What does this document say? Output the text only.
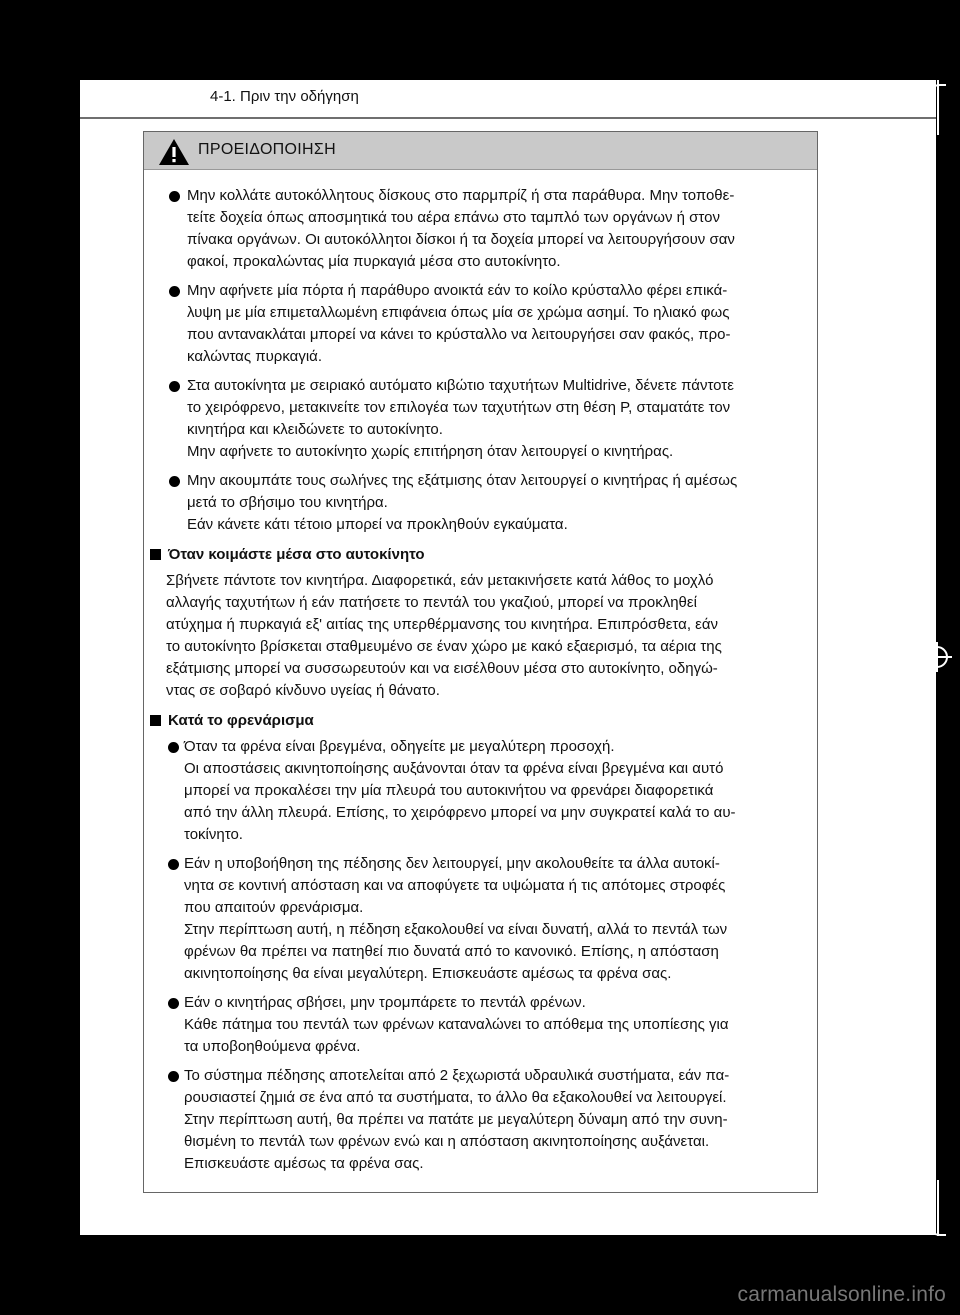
4-1. Πριν την οδήγηση
ΠΡΟΕΙΔΟΠΟΙΗΣΗ

Μην κολλάτε αυτοκόλλητους δίσκους στο παρμπρίζ ή στα παράθυρα. Μην τοποθε-

τείτε δοχεία όπως αποσμητικά του αέρα επάνω στο ταμπλό των οργάνων ή στον

πίνακα οργάνων. Οι αυτοκόλλητοι δίσκοι ή τα δοχεία μπορεί να λειτουργήσουν σαν

φακοί, προκαλώντας μία πυρκαγιά μέσα στο αυτοκίνητο.

Μην αφήνετε μία πόρτα ή παράθυρο ανοικτά εάν το κοίλο κρύσταλλο φέρει επικά-

λυψη με μία επιμεταλλωμένη επιφάνεια όπως μία σε χρώμα ασημί. Το ηλιακό φως

που αντανακλάται μπορεί να κάνει το κρύσταλλο να λειτουργήσει σαν φακός, προ-

καλώντας πυρκαγιά.

Στα αυτοκίνητα με σειριακό αυτόματο κιβώτιο ταχυτήτων Multidrive, δένετε πάντοτε

το χειρόφρενο, μετακινείτε τον επιλογέα των ταχυτήτων στη θέση P, σταματάτε τον

κινητήρα και κλειδώνετε το αυτοκίνητο.

Μην αφήνετε το αυτοκίνητο χωρίς επιτήρηση όταν λειτουργεί ο κινητήρας.

Μην ακουμπάτε τους σωλήνες της εξάτμισης όταν λειτουργεί ο κινητήρας ή αμέσως

μετά το σβήσιμο του κινητήρα.

Εάν κάνετε κάτι τέτοιο μπορεί να προκληθούν εγκαύματα.

Όταν κοιμάστε μέσα στο αυτοκίνητο

Σβήνετε πάντοτε τον κινητήρα. Διαφορετικά, εάν μετακινήσετε κατά λάθος το μοχλό

αλλαγής ταχυτήτων ή εάν πατήσετε το πεντάλ του γκαζιού, μπορεί να προκληθεί

ατύχημα ή πυρκαγιά εξ' αιτίας της υπερθέρμανσης του κινητήρα. Επιπρόσθετα, εάν

το αυτοκίνητο βρίσκεται σταθμευμένο σε έναν χώρο με κακό εξαερισμό, τα αέρια της

εξάτμισης μπορεί να συσσωρευτούν και να εισέλθουν μέσα στο αυτοκίνητο, οδηγώ-

ντας σε σοβαρό κίνδυνο υγείας ή θάνατο.

Κατά το φρενάρισμα

Όταν τα φρένα είναι βρεγμένα, οδηγείτε με μεγαλύτερη προσοχή.

Οι αποστάσεις ακινητοποίησης αυξάνονται όταν τα φρένα είναι βρεγμένα και αυτό

μπορεί να προκαλέσει την μία πλευρά του αυτοκινήτου να φρενάρει διαφορετικά

από την άλλη πλευρά. Επίσης, το χειρόφρενο μπορεί να μην συγκρατεί καλά το αυ-

τοκίνητο.

Εάν η υποβοήθηση της πέδησης δεν λειτουργεί, μην ακολουθείτε τα άλλα αυτοκί-

νητα σε κοντινή απόσταση και να αποφύγετε τα υψώματα ή τις απότομες στροφές

που απαιτούν φρενάρισμα.

Στην περίπτωση αυτή, η πέδηση εξακολουθεί να είναι δυνατή, αλλά το πεντάλ των

φρένων θα πρέπει να πατηθεί πιο δυνατά από το κανονικό. Επίσης, η απόσταση

ακινητοποίησης θα είναι μεγαλύτερη. Επισκευάστε αμέσως τα φρένα σας.

Εάν ο κινητήρας σβήσει, μην τρομπάρετε το πεντάλ φρένων.

Κάθε πάτημα του πεντάλ των φρένων καταναλώνει το απόθεμα της υποπίεσης για

τα υποβοηθούμενα φρένα.

Το σύστημα πέδησης αποτελείται από 2 ξεχωριστά υδραυλικά συστήματα, εάν πα-

ρουσιαστεί ζημιά σε ένα από τα συστήματα, το άλλο θα εξακολουθεί να λειτουργεί.

Στην περίπτωση αυτή, θα πρέπει να πατάτε με μεγαλύτερη δύναμη από την συνη-

θισμένη το πεντάλ των φρένων ενώ και η απόσταση ακινητοποίησης αυξάνεται.

Επισκευάστε αμέσως τα φρένα σας.

carmanualsonline.info
